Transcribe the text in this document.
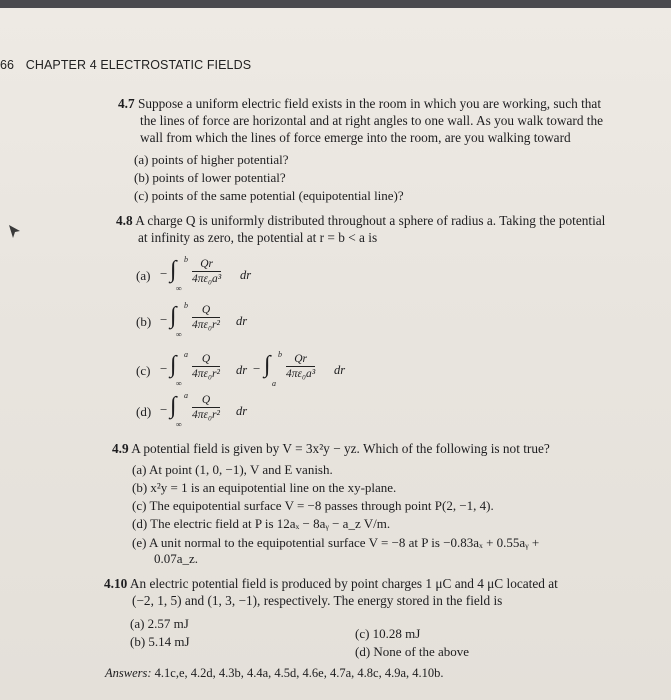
66 CHAPTER 4 ELECTROSTATIC FIELDS
4.7 Suppose a uniform electric field exists in the room in which you are working, such that
the lines of force are horizontal and at right angles to one wall. As you walk toward the
wall from which the lines of force emerge into the room, are you walking toward
(a) points of higher potential?
(b) points of lower potential?
(c) points of the same potential (equipotential line)?
4.8 A charge Q is uniformly distributed throughout a sphere of radius a. Taking the potential
at infinity as zero, the potential at r = b < a is
(a) − ∫ b
∞
$\frac{Qr}{\text{4πε₀a³}}$ dr
(b) − ∫ b
∞
$\frac{Q}{\text{4πε₀r²}}$ dr
(c) − ∫ a
∞
$\frac{Q}{\text{4πε₀r²}}$ dr − ∫ b
a
$\frac{Qr}{\text{4πε₀a³}}$ dr
(d) − ∫ a
∞
$\frac{Q}{\text{4πε₀r²}}$ dr
4.9 A potential field is given by V = 3x²y − yz. Which of the following is not true?
(a) At point (1, 0, −1), V and E vanish.
(b) x²y = 1 is an equipotential line on the xy-plane.
(c) The equipotential surface V = −8 passes through point P(2, −1, 4).
(d) The electric field at P is 12aₓ − 8aᵧ − a_z V/m.
(e) A unit normal to the equipotential surface V = −8 at P is −0.83aₓ + 0.55aᵧ +
0.07a_z.
4.10 An electric potential field is produced by point charges 1 μC and 4 μC located at
(−2, 1, 5) and (1, 3, −1), respectively. The energy stored in the field is
(a) 2.57 mJ
(b) 5.14 mJ
(c) 10.28 mJ
(d) None of the above
Answers: 4.1c,e, 4.2d, 4.3b, 4.4a, 4.5d, 4.6e, 4.7a, 4.8c, 4.9a, 4.10b.
